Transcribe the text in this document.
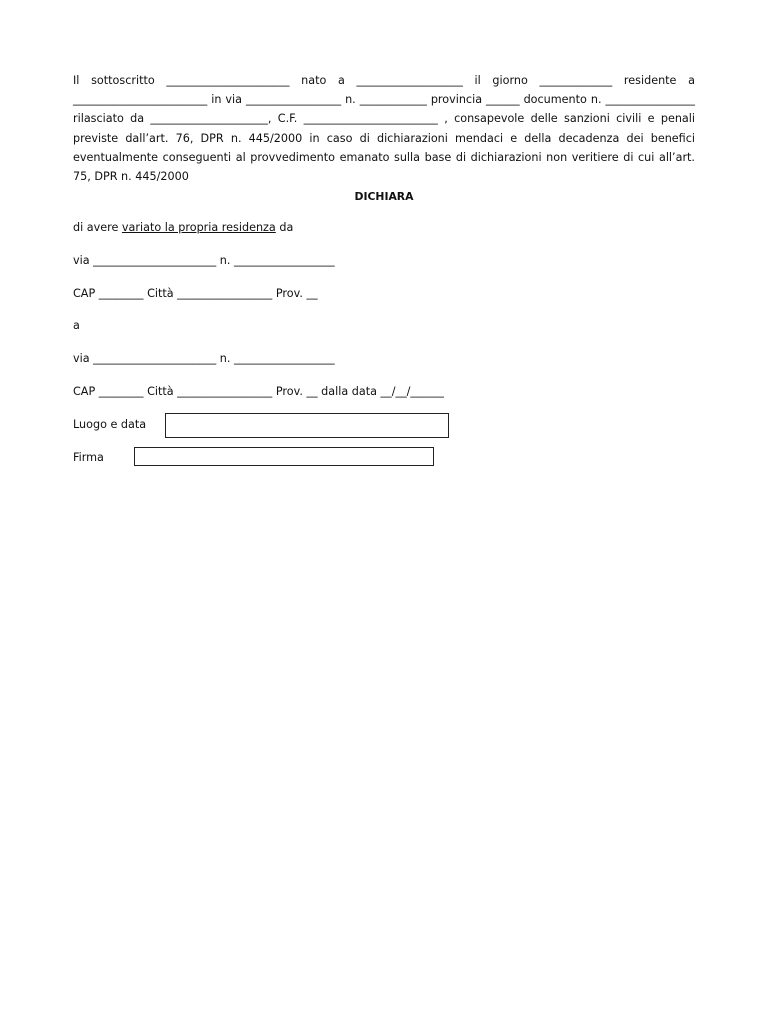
Il sottoscritto ______________________ nato a ___________________ il giorno _____________ residente a ________________________ in via _________________ n. ____________ provincia ______ documento n. ________________ rilasciato da _____________________, C.F. ________________________ , consapevole delle sanzioni civili e penali previste dall’art. 76, DPR n. 445/2000 in caso di dichiarazioni mendaci e della decadenza dei benefici eventualmente conseguenti al provvedimento emanato sulla base di dichiarazioni non veritiere di cui all’art. 75, DPR n. 445/2000

DICHIARA
di avere variato la propria residenza da
via ______________________ n. __________________
CAP ________ Città _________________ Prov. __
a
via ______________________ n. __________________
CAP ________ Città _________________ Prov. __ dalla data __/__/______
Luogo e data
Firma
